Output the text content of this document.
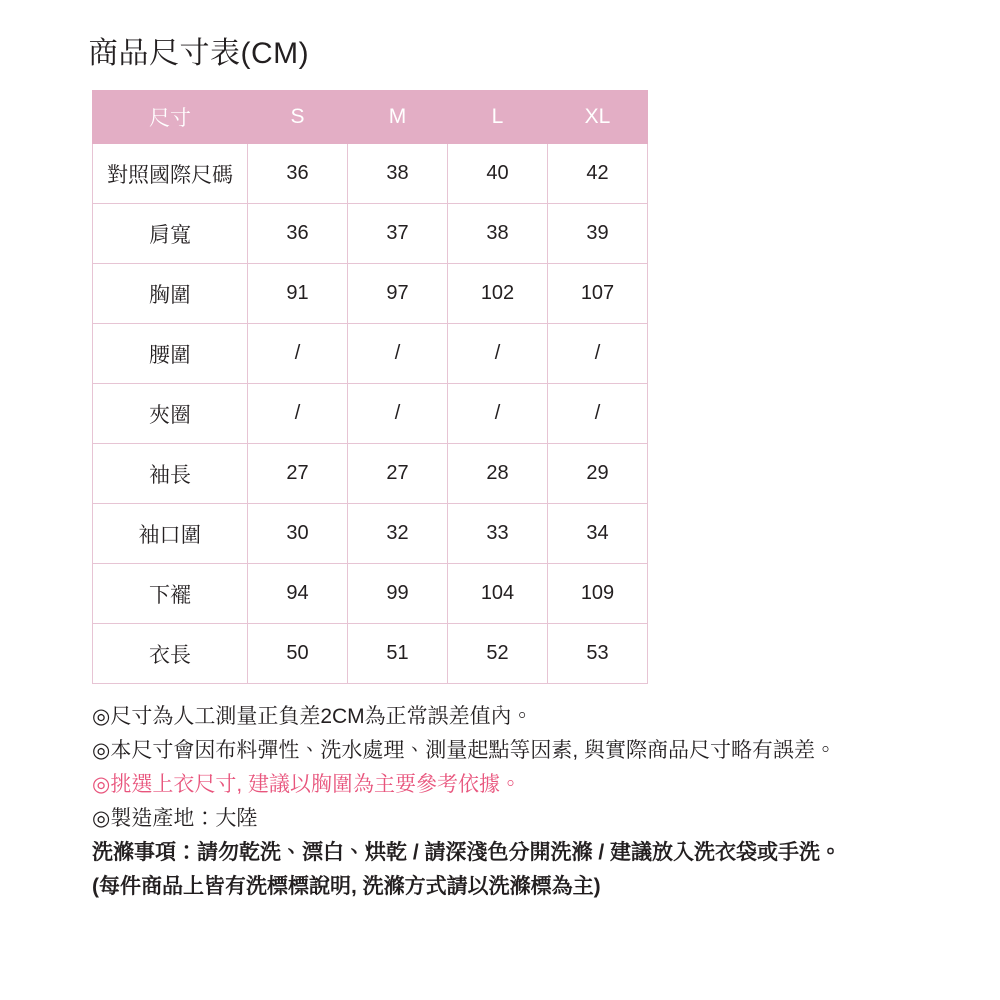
商品尺寸表(CM)
尺寸	S	M	L	XL
對照國際尺碼	36	38	40	42
肩寬	36	37	38	39
胸圍	91	97	102	107
腰圍	/	/	/	/
夾圈	/	/	/	/
袖長	27	27	28	29
袖口圍	30	32	33	34
下襬	94	99	104	109
衣長	50	51	52	53
◎尺寸為人工測量正負差2CM為正常誤差值內。
◎本尺寸會因布料彈性、洗水處理、測量起點等因素, 與實際商品尺寸略有誤差。
◎挑選上衣尺寸, 建議以胸圍為主要參考依據。
◎製造產地：大陸
洗滌事項：請勿乾洗、漂白、烘乾 / 請深淺色分開洗滌 / 建議放入洗衣袋或手洗。
(每件商品上皆有洗標標說明, 洗滌方式請以洗滌標為主)
